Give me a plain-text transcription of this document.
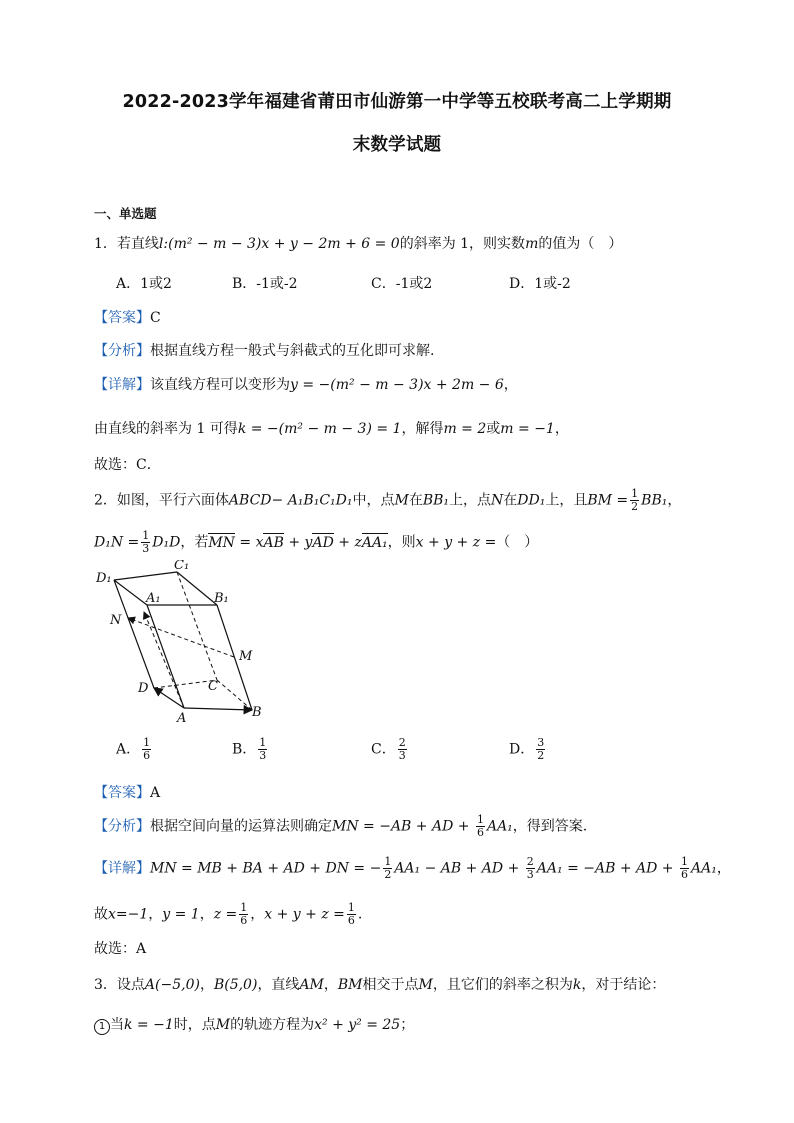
2022-2023学年福建省莆田市仙游第一中学等五校联考高二上学期期
末数学试题
一、单选题
1．若直线l:(m² − m − 3)x + y − 2m + 6 = 0的斜率为 1，则实数m的值为（　）
A．1或2	B．-1或-2	C．-1或2	D．1或-2
【答案】C
【分析】根据直线方程一般式与斜截式的互化即可求解.
【详解】该直线方程可以变形为y = −(m² − m − 3)x + 2m − 6，
由直线的斜率为 1 可得k = −(m² − m − 3) = 1，解得m = 2或m = −1，
故选：C．
2．如图，平行六面体ABCD− A₁B₁C₁D₁中，点M在BB₁上，点N在DD₁上，且BM = $\frac{1}{2} BB_1$，
$D_1N = \frac{1}{3} D_1D$，若MN = xAB + yAD + zAA₁，则x + y + z =（　）
D₁
C₁
A₁	B₁
N
M
D	C
A	B
A． $\frac{1}{6}$	B． $\frac{1}{3}$	C． $\frac{2}{3}$	D． $\frac{3}{2}$
【答案】A
【分析】根据空间向量的运算法则确定MN = −AB + AD + $\frac{1}{6} AA_1$，得到答案.
【详解】MN = MB + BA + AD + DN = − $\frac{1}{2} AA_1$ − AB + AD + $\frac{2}{3} AA_1 = -AB$ + AD + $\frac{1}{6} AA_1$，
故x=−1，y = 1，$z = \frac{1}{6}$ ，$x + y + z = \frac{1}{6}$ .
故选：A
3．设点A(−5,0)，B(5,0)，直线AM，BM相交于点M，且它们的斜率之积为k，对于结论：
1 当k = −1时，点M的轨迹方程为x² + y² = 25；
